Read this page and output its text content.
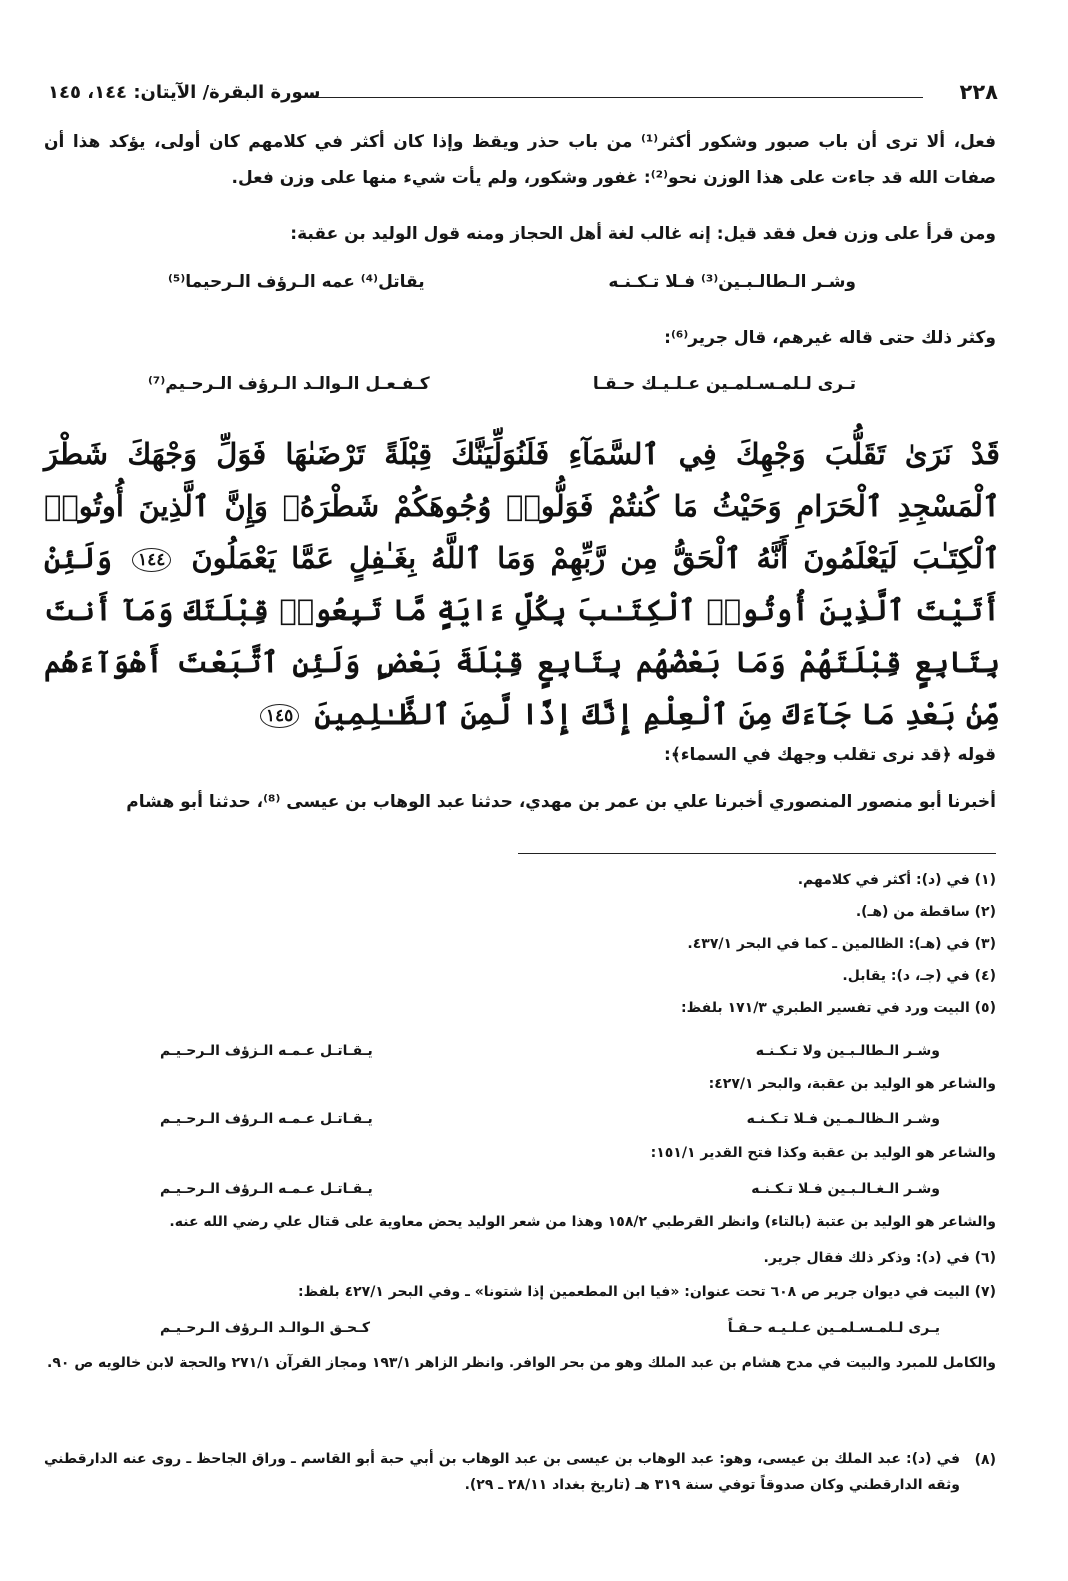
٢٢٨
سورة البقرة/ الآيتان: ١٤٤، ١٤٥

فعل، ألا ترى أن باب صبور وشكور أكثر⁽¹⁾ من باب حذر ويقظ وإذا كان أكثر في كلامهم كان أولى، يؤكد هذا أن صفات الله قد جاءت على هذا الوزن نحو⁽²⁾: غفور وشكور، ولم يأت شيء منها على وزن فعل.

ومن قرأ على وزن فعل فقد قيل: إنه غالب لغة أهل الحجاز ومنه قول الوليد بن عقبة:

وشـر الـطالـبـين⁽³⁾ فـلا تـكـنـه
يقاتل⁽⁴⁾ عمه الـرؤف الـرحيما⁽⁵⁾

وكثر ذلك حتى قاله غيرهم، قال جرير⁽⁶⁾:

تـرى لـلمـسـلمـين عـلـيـك حـقـا
كـفـعـل الـوالـد الـرؤف الـرحـيم⁽⁷⁾

قَدْ نَرَىٰ تَقَلُّبَ وَجْهِكَ فِي ٱلسَّمَآءِ فَلَنُوَلِّيَنَّكَ قِبْلَةً تَرْضَىٰهَا فَوَلِّ وَجْهَكَ شَطْرَ ٱلْمَسْجِدِ ٱلْحَرَامِ وَحَيْثُ مَا كُنتُمْ فَوَلُّوا۟ وُجُوهَكُمْ شَطْرَهُۥ وَإِنَّ ٱلَّذِينَ أُوتُوا۟ ٱلْكِتَـٰبَ لَيَعْلَمُونَ أَنَّهُ ٱلْحَقُّ مِن رَّبِّهِمْ وَمَا ٱللَّهُ بِغَـٰفِلٍ عَمَّا يَعْمَلُونَ ١٤٤ وَلَئِنْ أَتَيْتَ ٱلَّذِينَ أُوتُوا۟ ٱلْكِتَـٰبَ بِكُلِّ ءَايَةٍ مَّا تَبِعُوا۟ قِبْلَتَكَ وَمَآ أَنتَ بِتَابِعٍ قِبْلَتَهُمْ وَمَا بَعْضُهُم بِتَابِعٍ قِبْلَةَ بَعْضٍ وَلَئِنِ ٱتَّبَعْتَ أَهْوَآءَهُم مِّنۢ بَعْدِ مَا جَآءَكَ مِنَ ٱلْعِلْمِ إِنَّكَ إِذًا لَّمِنَ ٱلظَّـٰلِمِينَ ١٤٥

قوله ﴿قد نرى تقلب وجهك في السماء﴾:

أخبرنا أبو منصور المنصوري أخبرنا علي بن عمر بن مهدي، حدثنا عبد الوهاب بن عيسى ⁽⁸⁾، حدثنا أبو هشام

(١) في (د): أكثر في كلامهم.

(٢) ساقطة من (هـ).

(٣) في (هـ): الظالمين ـ كما في البحر ٤٣٧/١.

(٤) في (جـ، د): يقابل.

(٥) البيت ورد في تفسير الطبري ١٧١/٣ بلفظ:

وشـر الـطالـبـين ولا تـكـنـه
يـقـاتـل عـمـه الـزؤف الـرحـيـم

والشاعر هو الوليد بن عقبة، والبحر ٤٢٧/١:

وشـر الـظالـمـين فـلا تـكـنـه
يـقـاتـل عـمـه الـرؤف الـرحـيـم

والشاعر هو الوليد بن عقبة وكذا فتح القدير ١٥١/١:

وشـر الـغـالـبـين فـلا تـكـنـه
يـقـاتـل عـمـه الـرؤف الـرحـيـم

والشاعر هو الوليد بن عتبة (بالتاء) وانظر القرطبي ١٥٨/٢ وهذا من شعر الوليد يحض معاوية على قتال علي رضي الله عنه.

(٦) في (د): وذكر ذلك فقال جرير.

(٧) البيت في ديوان جرير ص ٦٠٨ تحت عنوان: «فيا ابن المطعمين إذا شتونا» ـ وفي البحر ٤٢٧/١ بلفظ:

يـرى لـلمـسـلمـين عـلـيـه حـقـاً
كـحـق الـوالـد الـرؤف الـرحـيـم

والكامل للمبرد والبيت في مدح هشام بن عبد الملك وهو من بحر الوافر. وانظر الزاهر ١٩٣/١ ومجاز القرآن ٢٧١/١ والحجة لابن خالويه ص ٩٠.

(٨)

في (د): عبد الملك بن عيسى، وهو: عبد الوهاب بن عيسى بن عبد الوهاب بن أبي حبة أبو القاسم ـ وراق الجاحظ ـ روى عنه الدارقطني وثقه الدارقطني وكان صدوقاً توفي سنة ٣١٩ هـ (تاريخ بغداد ٢٨/١١ ـ ٢٩).
